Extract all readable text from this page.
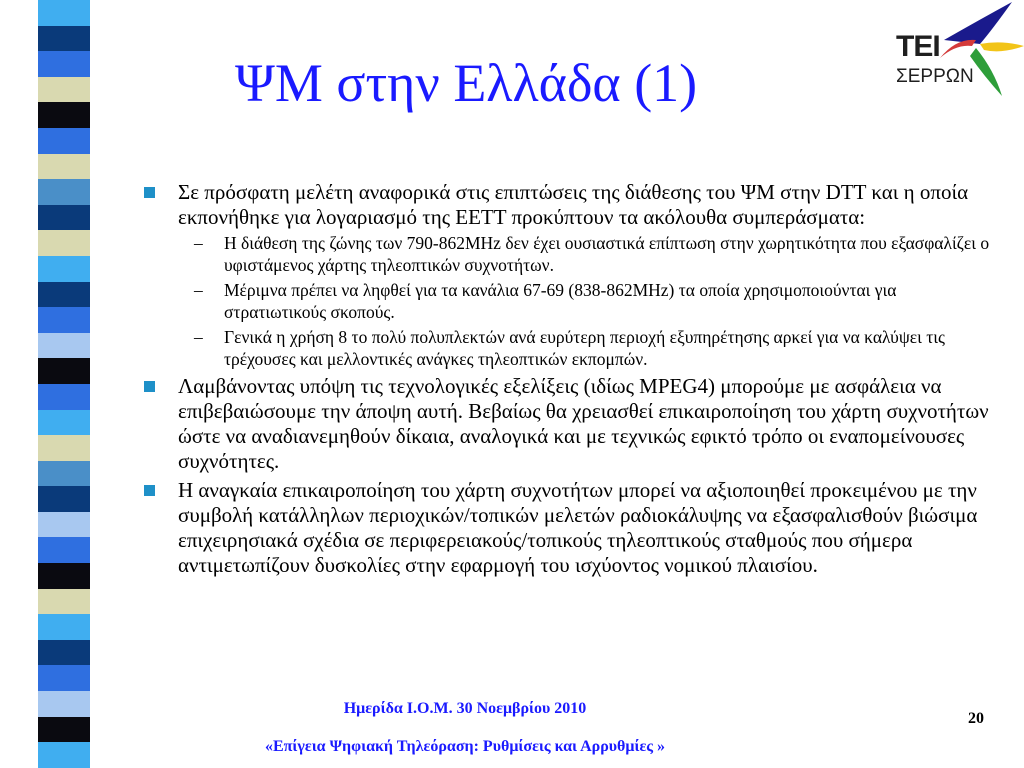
TEI
ΣΕΡΡΩΝ
ΨΜ στην Ελλάδα (1)
Σε πρόσφατη μελέτη αναφορικά στις επιπτώσεις της διάθεσης του ΨΜ στην DTT και η οποία εκπονήθηκε για λογαριασμό της ΕΕΤΤ προκύπτουν τα ακόλουθα συμπεράσματα:
– Η διάθεση της ζώνης των 790-862MHz δεν έχει ουσιαστικά επίπτωση στην χωρητικότητα που εξασφαλίζει ο υφιστάμενος χάρτης τηλεοπτικών συχνοτήτων.
– Μέριμνα πρέπει να ληφθεί για τα κανάλια 67-69 (838-862MHz) τα οποία χρησιμοποιούνται για στρατιωτικούς σκοπούς.
– Γενικά η χρήση 8 το πολύ πολυπλεκτών ανά ευρύτερη περιοχή εξυπηρέτησης αρκεί για να καλύψει τις τρέχουσες και μελλοντικές ανάγκες τηλεοπτικών εκπομπών.
Λαμβάνοντας υπόψη τις τεχνολογικές εξελίξεις (ιδίως MPEG4) μπορούμε με ασφάλεια να επιβεβαιώσουμε την άποψη αυτή. Βεβαίως θα χρειασθεί επικαιροποίηση του χάρτη συχνοτήτων ώστε να αναδιανεμηθούν δίκαια, αναλογικά και με τεχνικώς εφικτό τρόπο οι εναπομείνουσες συχνότητες.
Η αναγκαία επικαιροποίηση του χάρτη συχνοτήτων μπορεί να αξιοποιηθεί προκειμένου με την συμβολή κατάλληλων περιοχικών/τοπικών μελετών ραδιοκάλυψης να εξασφαλισθούν βιώσιμα επιχειρησιακά σχέδια σε περιφερειακούς/τοπικούς τηλεοπτικούς σταθμούς που σήμερα αντιμετωπίζουν δυσκολίες στην εφαρμογή του ισχύοντος νομικού πλαισίου.
Ημερίδα Ι.Ο.Μ. 30 Νοεμβρίου 2010
«Επίγεια Ψηφιακή Τηλεόραση: Ρυθμίσεις και Αρρυθμίες »
20
